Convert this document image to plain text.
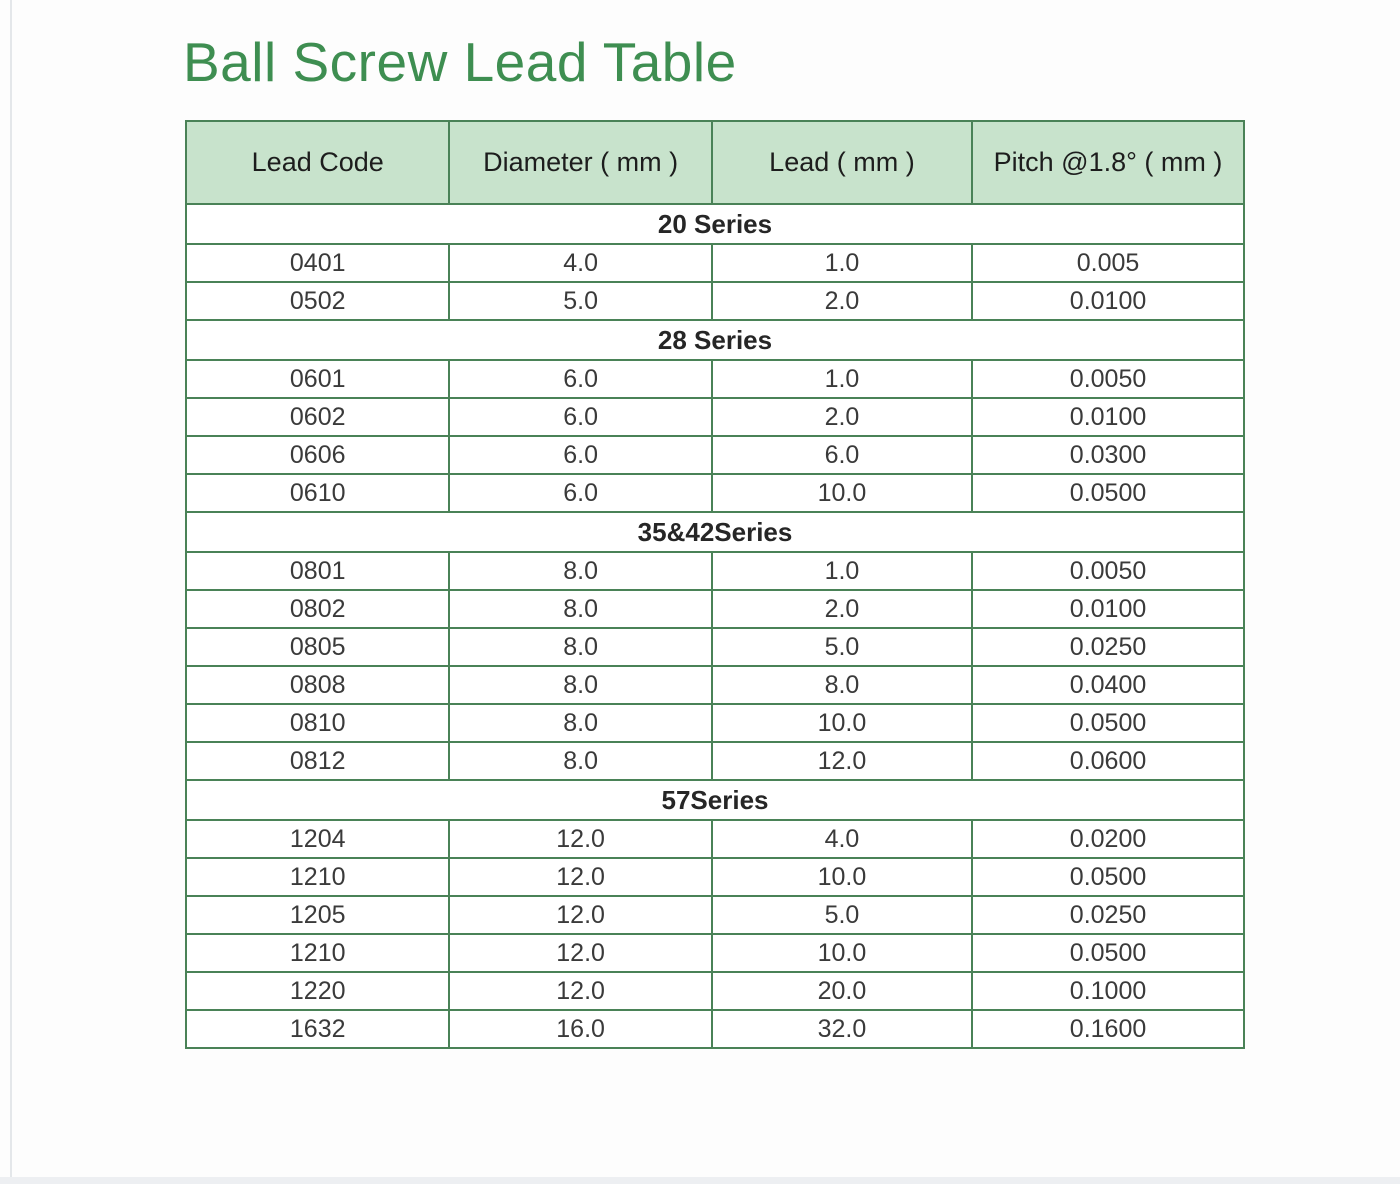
Ball Screw Lead Table
Lead Code	Diameter ( mm )	Lead ( mm )	Pitch @1.8° ( mm )
20 Series			
0401	4.0	1.0	0.005
0502	5.0	2.0	0.0100
28 Series			
0601	6.0	1.0	0.0050
0602	6.0	2.0	0.0100
0606	6.0	6.0	0.0300
0610	6.0	10.0	0.0500
35&42Series			
0801	8.0	1.0	0.0050
0802	8.0	2.0	0.0100
0805	8.0	5.0	0.0250
0808	8.0	8.0	0.0400
0810	8.0	10.0	0.0500
0812	8.0	12.0	0.0600
57Series			
1204	12.0	4.0	0.0200
1210	12.0	10.0	0.0500
1205	12.0	5.0	0.0250
1210	12.0	10.0	0.0500
1220	12.0	20.0	0.1000
1632	16.0	32.0	0.1600
